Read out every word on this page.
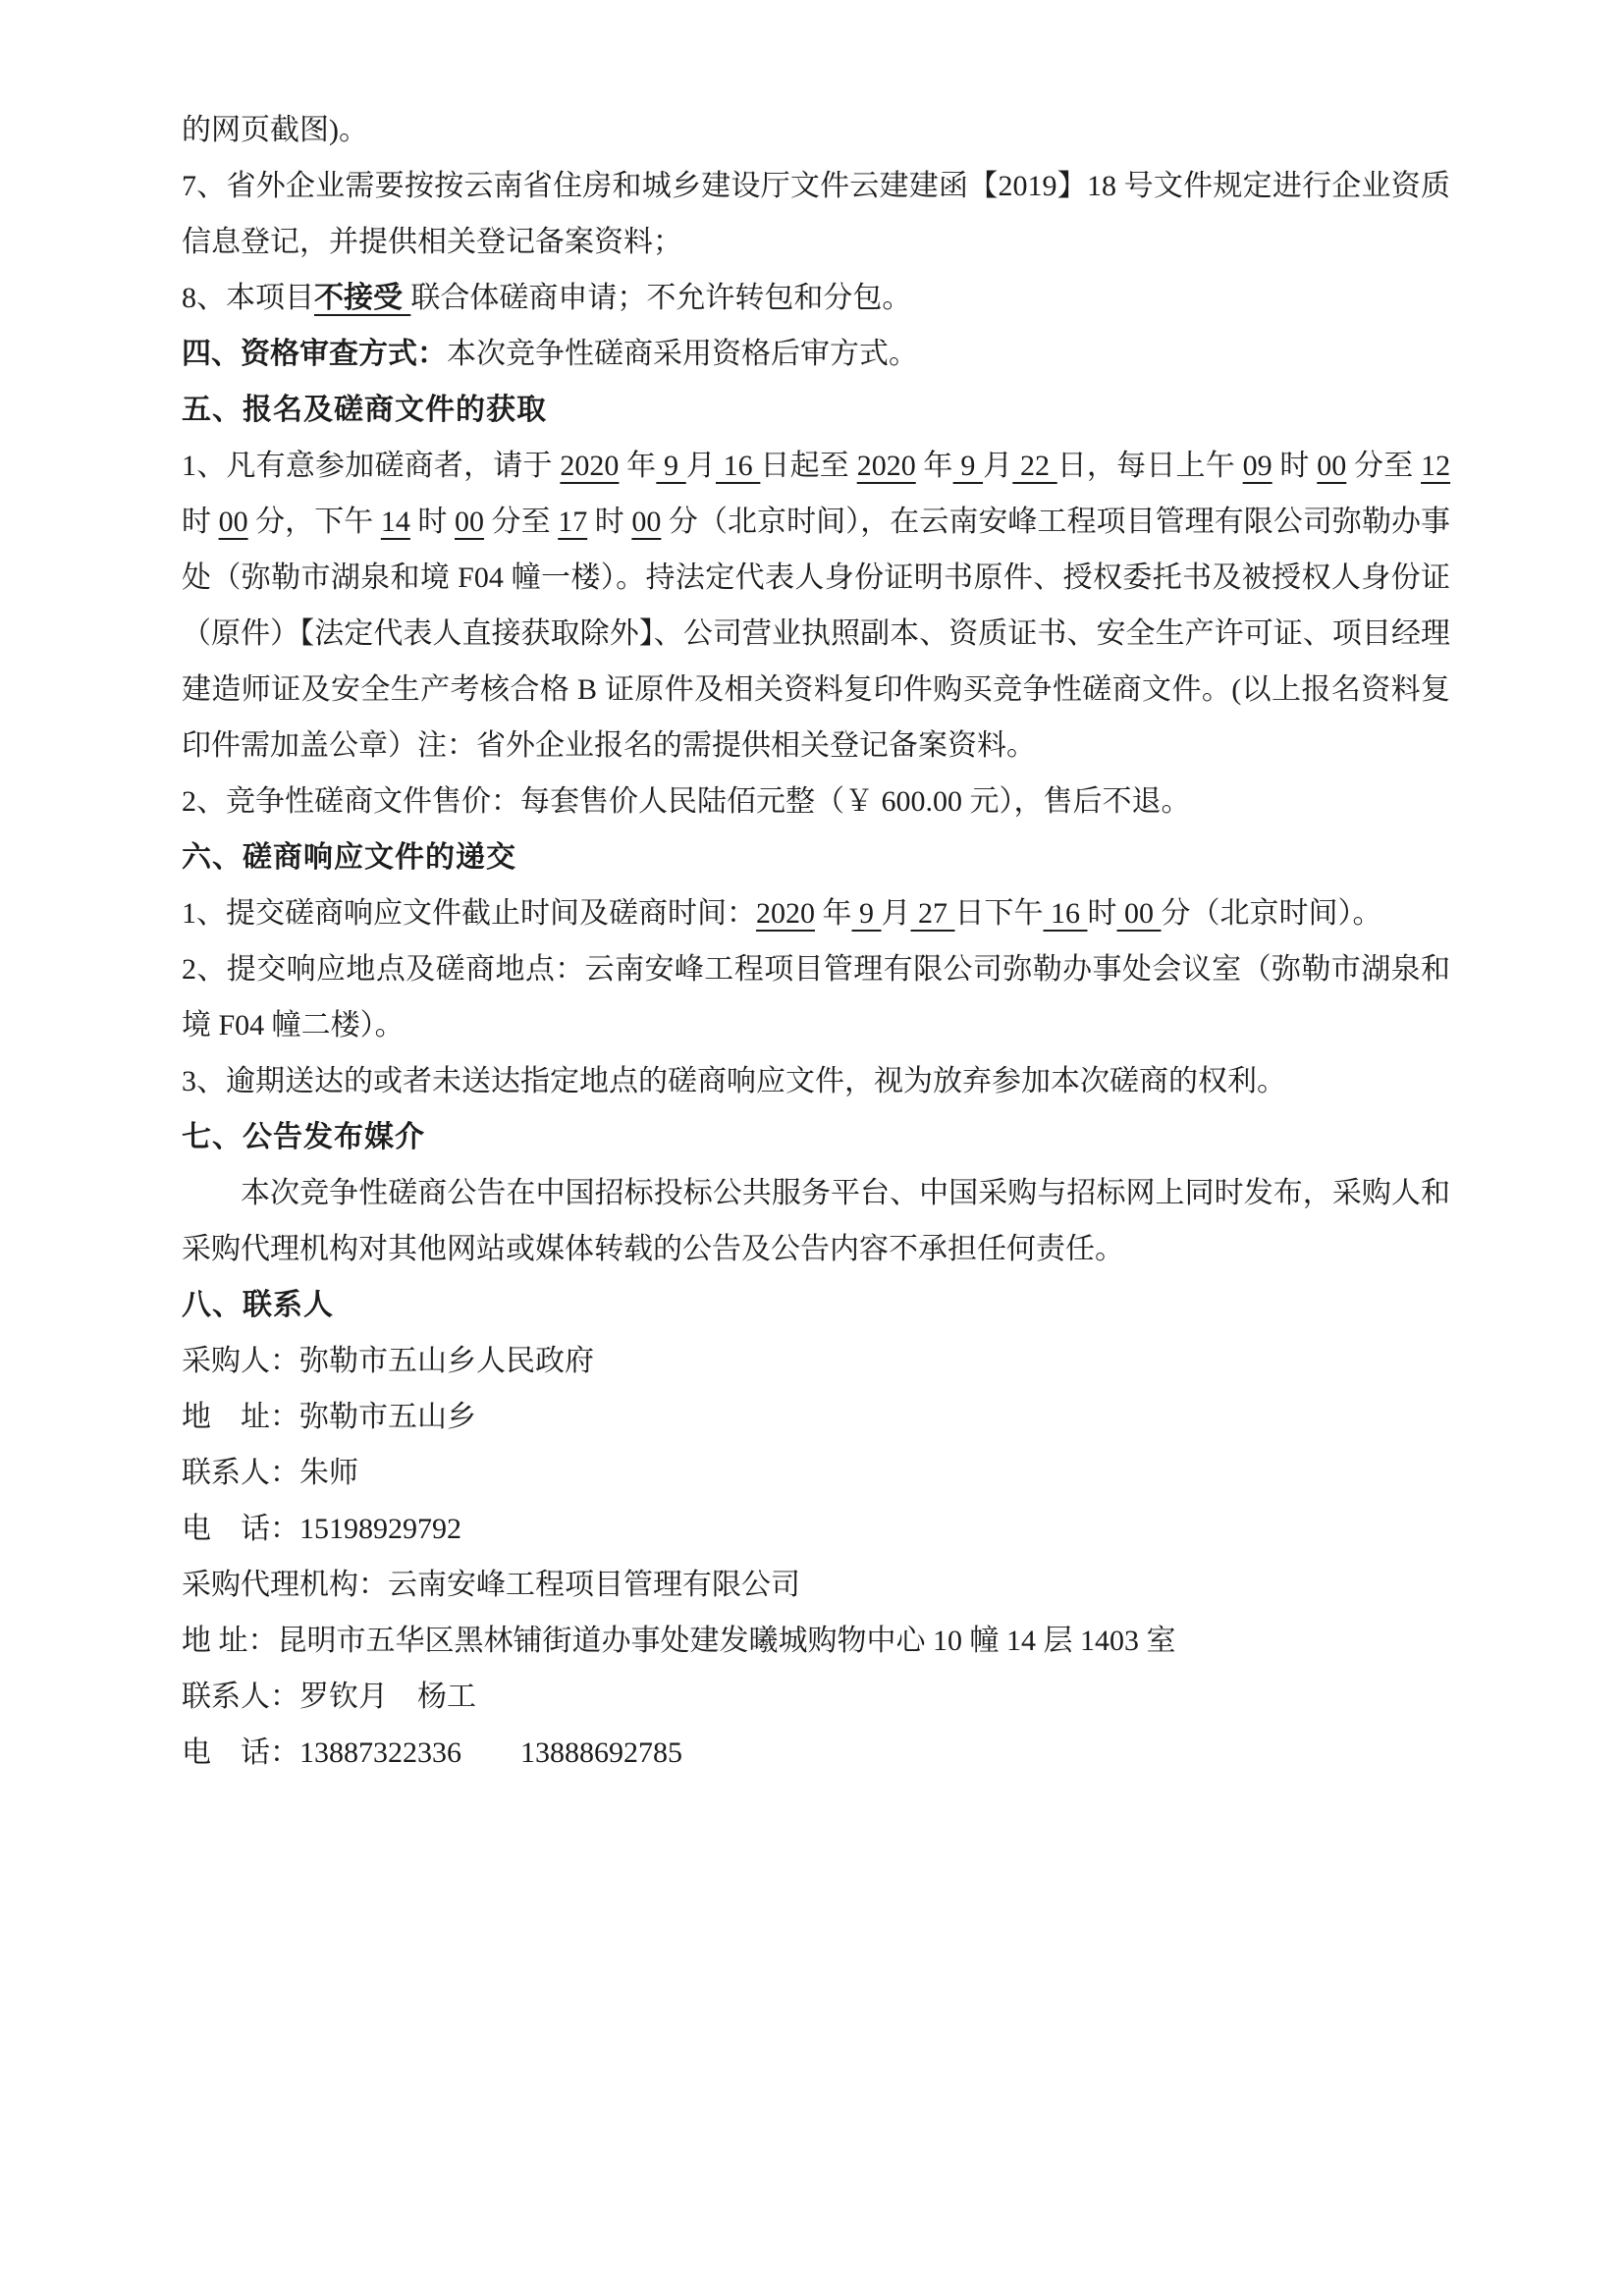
的网页截图)。

7、省外企业需要按按云南省住房和城乡建设厅文件云建建函【2019】18 号文件规定进行企业资质信息登记，并提供相关登记备案资料；

8、本项目不接受 联合体磋商申请；不允许转包和分包。

四、资格审查方式：本次竞争性磋商采用资格后审方式。

五、报名及磋商文件的获取

1、凡有意参加磋商者，请于 2020 年 9 月 16 日起至 2020 年 9 月 22 日，每日上午 09 时 00 分至 12 时 00 分，下午 14 时 00 分至 17 时 00 分（北京时间），在云南安峰工程项目管理有限公司弥勒办事处（弥勒市湖泉和境 F04 幢一楼）。持法定代表人身份证明书原件、授权委托书及被授权人身份证（原件）【法定代表人直接获取除外】、公司营业执照副本、资质证书、安全生产许可证、项目经理建造师证及安全生产考核合格 B 证原件及相关资料复印件购买竞争性磋商文件。(以上报名资料复印件需加盖公章）注：省外企业报名的需提供相关登记备案资料。

2、竞争性磋商文件售价：每套售价人民陆佰元整（￥ 600.00 元），售后不退。

六、磋商响应文件的递交

1、提交磋商响应文件截止时间及磋商时间：2020 年 9 月 27 日下午 16 时 00 分（北京时间）。

2、提交响应地点及磋商地点：云南安峰工程项目管理有限公司弥勒办事处会议室（弥勒市湖泉和境 F04 幢二楼）。

3、逾期送达的或者未送达指定地点的磋商响应文件，视为放弃参加本次磋商的权利。

七、公告发布媒介

本次竞争性磋商公告在中国招标投标公共服务平台、中国采购与招标网上同时发布，采购人和采购代理机构对其他网站或媒体转载的公告及公告内容不承担任何责任。

八、联系人

采购人：弥勒市五山乡人民政府

地　址：弥勒市五山乡

联系人：朱师

电　话：15198929792

采购代理机构：云南安峰工程项目管理有限公司

地 址：昆明市五华区黑林铺街道办事处建发曦城购物中心 10 幢 14 层 1403 室

联系人：罗钦月　杨工

电　话：13887322336　　13888692785
